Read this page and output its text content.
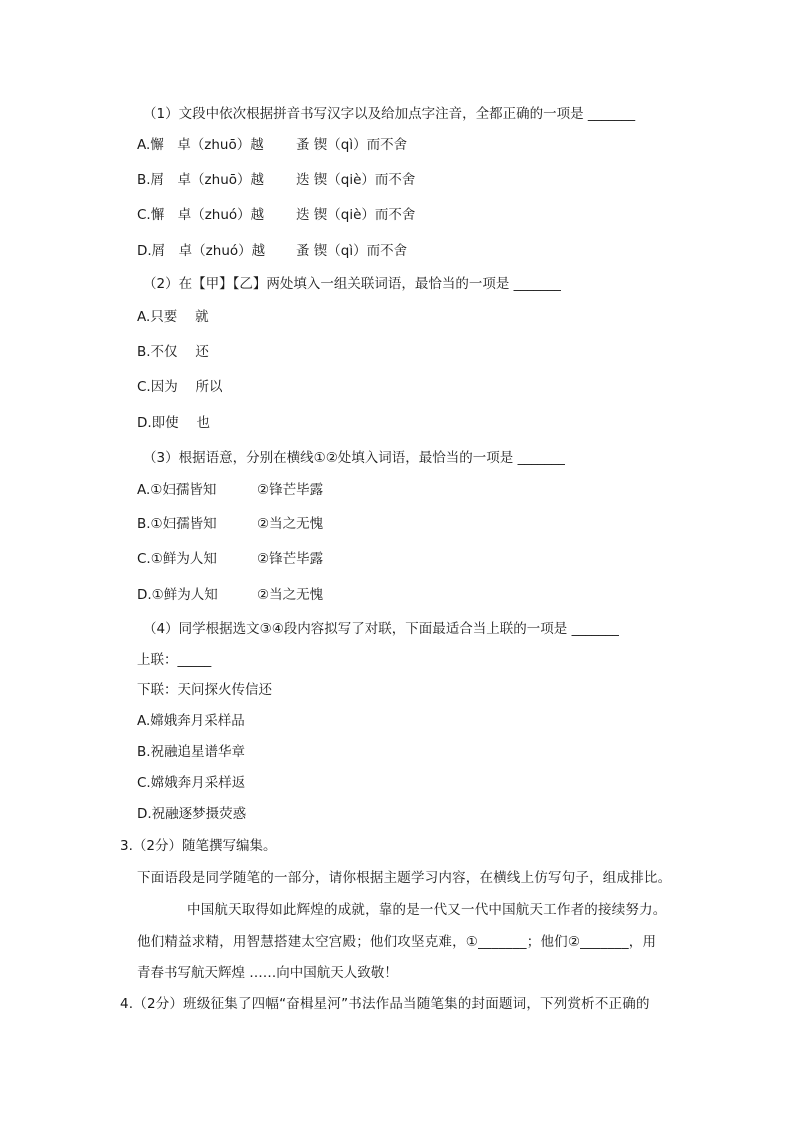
（1）文段中依次根据拼音书写汉字以及给加点字注音，全都正确的一项是 _______
A.懈　卓（zhuō）越 蚤 锲（qì）而不舍
B.屑　卓（zhuō）越 迭 锲（qiè）而不舍
C.懈　卓（zhuó）越 迭 锲（qiè）而不舍
D.屑　卓（zhuó）越 蚤 锲（qì）而不舍
（2）在【甲】【乙】两处填入一组关联词语，最恰当的一项是 _______
A.只要　 就
B.不仅　 还
C.因为　 所以
D.即使　 也
（3）根据语意，分别在横线①②处填入词语，最恰当的一项是 _______
A.①妇孺皆知	②锋芒毕露
B.①妇孺皆知	②当之无愧
C.①鲜为人知	②锋芒毕露
D.①鲜为人知	②当之无愧
（4）同学根据选文③④段内容拟写了对联，下面最适合当上联的一项是 _______
上联：_____
下联：天问探火传信还
A.嫦娥奔月采样品
B.祝融追星谱华章
C.嫦娥奔月采样返
D.祝融逐梦摄荧惑
3.（2分）随笔撰写编集。
下面语段是同学随笔的一部分，请你根据主题学习内容，在横线上仿写句子，组成排比。
中国航天取得如此辉煌的成就，靠的是一代又一代中国航天工作者的接续努力。
他们精益求精，用智慧搭建太空宫殿；他们攻坚克难，①_______；他们②_______，用
青春书写航天辉煌 ……向中国航天人致敬！
4.（2分）班级征集了四幅“奋楫星河”书法作品当随笔集的封面题词，下列赏析不正确的
